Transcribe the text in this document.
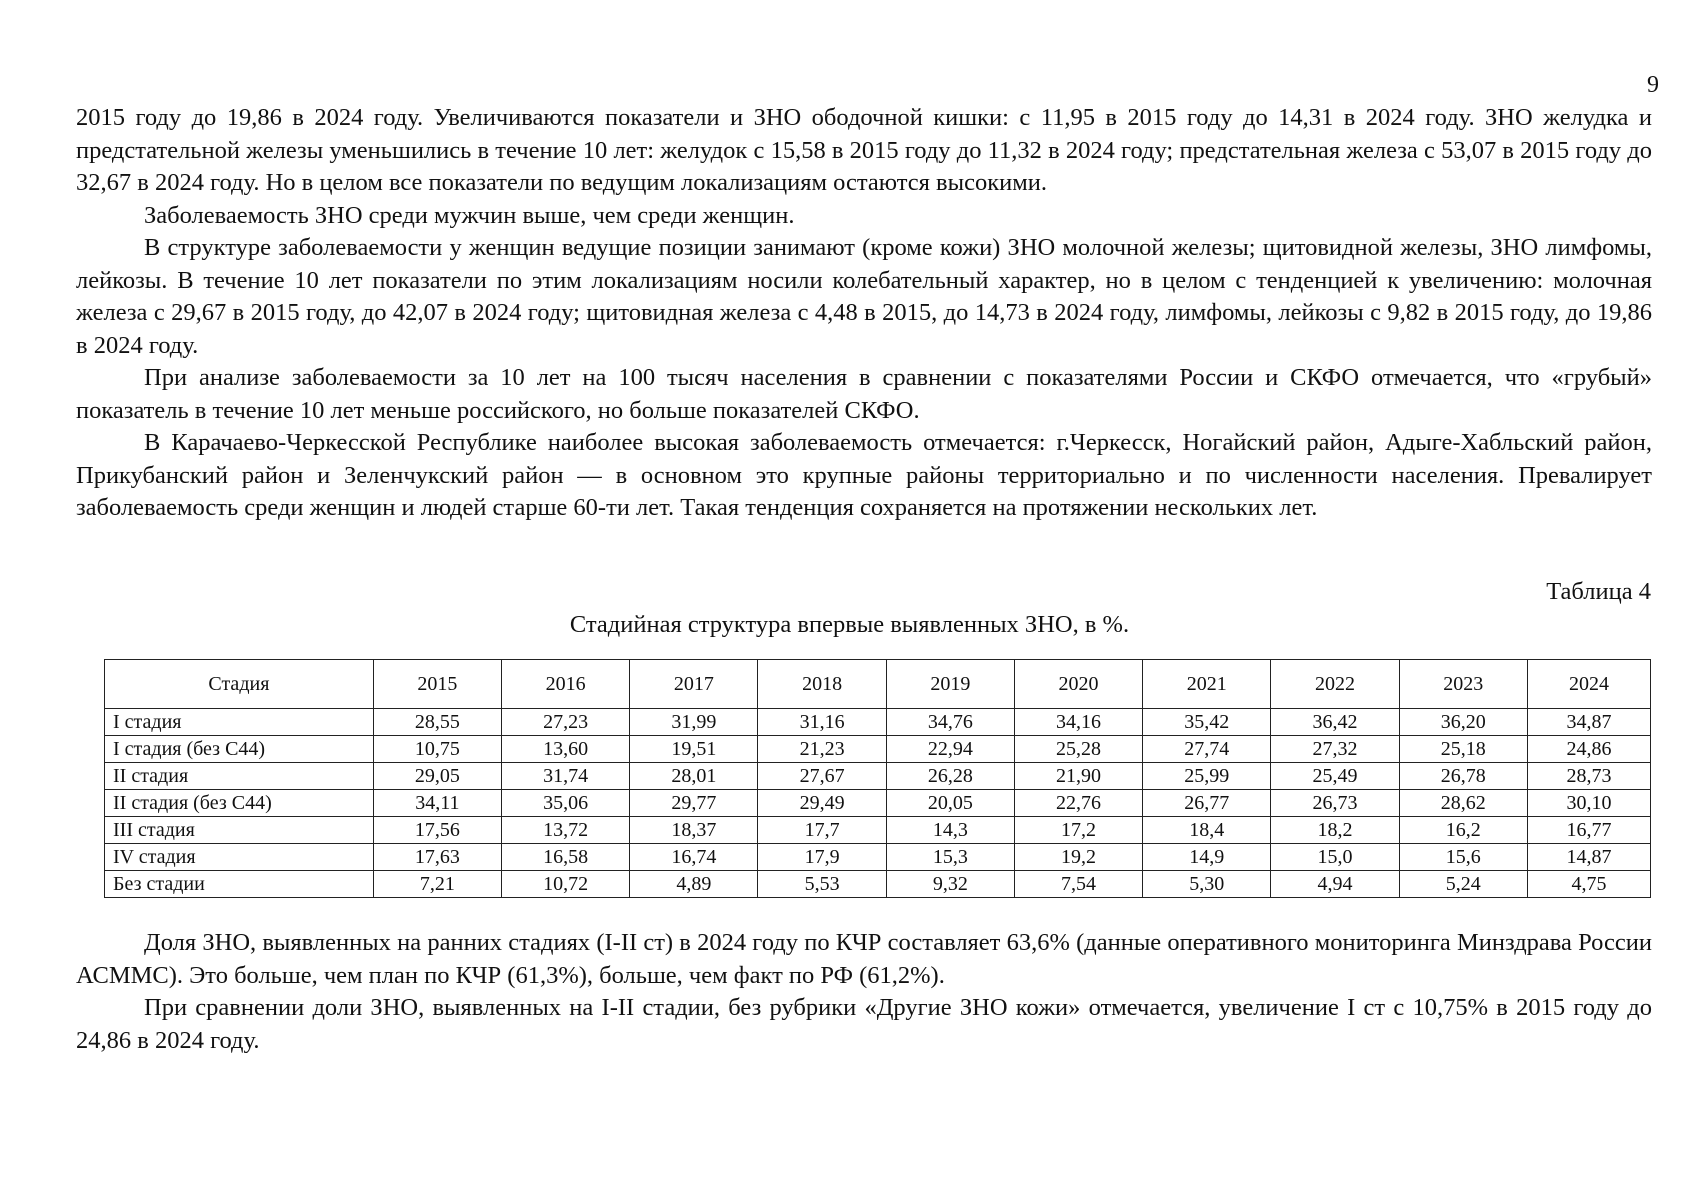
9

2015 году до 19,86 в 2024 году. Увеличиваются показатели и ЗНО ободочной кишки: с 11,95 в 2015 году до 14,31 в 2024 году. ЗНО желудка и предстательной железы уменьшились в течение 10 лет: желудок с 15,58 в 2015 году до 11,32 в 2024 году; предстательная железа с 53,07 в 2015 году до 32,67 в 2024 году. Но в целом все показатели по ведущим локализациям остаются высокими.

Заболеваемость ЗНО среди мужчин выше, чем среди женщин.

В структуре заболеваемости у женщин ведущие позиции занимают (кроме кожи) ЗНО молочной железы; щитовидной железы, ЗНО лимфомы, лейкозы. В течение 10 лет показатели по этим локализациям носили колебательный характер, но в целом с тенденцией к увеличению: молочная железа с 29,67 в 2015 году, до 42,07 в 2024 году; щитовидная железа с 4,48 в 2015, до 14,73 в 2024 году, лимфомы, лейкозы с 9,82 в 2015 году, до 19,86 в 2024 году.

При анализе заболеваемости за 10 лет на 100 тысяч населения в сравнении с показателями России и СКФО отмечается, что «грубый» показатель в течение 10 лет меньше российского, но больше показателей СКФО.

В Карачаево-Черкесской Республике наиболее высокая заболеваемость отмечается: г.Черкесск, Ногайский район, Адыге-Хабльский район, Прикубанский район и Зеленчукский район — в основном это крупные районы территориально и по численности населения. Превалирует заболеваемость среди женщин и людей старше 60-ти лет. Такая тенденция сохраняется на протяжении нескольких лет.

Таблица 4
Стадийная структура впервые выявленных ЗНО, в %.
Стадия	2015	2016	2017	2018	2019	2020	2021	2022	2023	2024
I стадия	28,55	27,23	31,99	31,16	34,76	34,16	35,42	36,42	36,20	34,87
I стадия (без С44)	10,75	13,60	19,51	21,23	22,94	25,28	27,74	27,32	25,18	24,86
II стадия	29,05	31,74	28,01	27,67	26,28	21,90	25,99	25,49	26,78	28,73
II стадия (без С44)	34,11	35,06	29,77	29,49	20,05	22,76	26,77	26,73	28,62	30,10
III стадия	17,56	13,72	18,37	17,7	14,3	17,2	18,4	18,2	16,2	16,77
IV стадия	17,63	16,58	16,74	17,9	15,3	19,2	14,9	15,0	15,6	14,87
Без стадии	7,21	10,72	4,89	5,53	9,32	7,54	5,30	4,94	5,24	4,75

Доля ЗНО, выявленных на ранних стадиях (I-II ст) в 2024 году по КЧР составляет 63,6% (данные оперативного мониторинга Минздрава России АСММС). Это больше, чем план по КЧР (61,3%), больше, чем факт по РФ (61,2%).

При сравнении доли ЗНО, выявленных на I-II стадии, без рубрики «Другие ЗНО кожи» отмечается, увеличение I ст с 10,75% в 2015 году до 24,86 в 2024 году.
